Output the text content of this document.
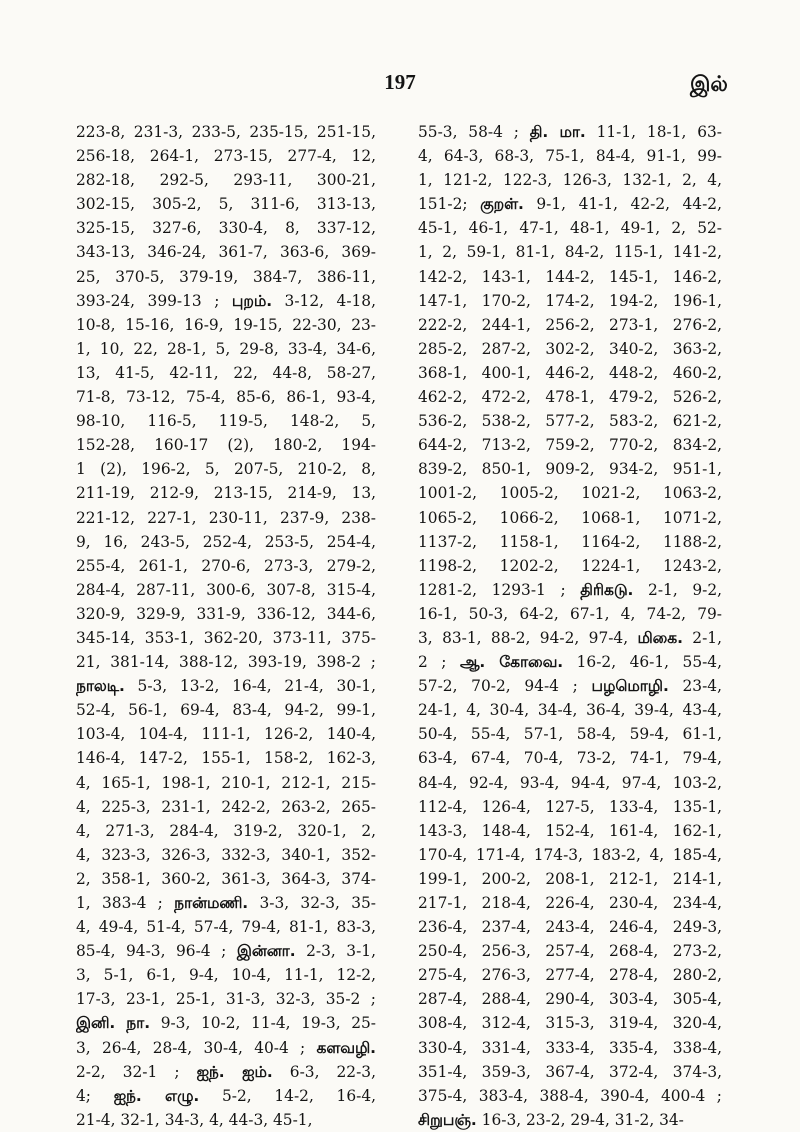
197	இல்
223-8, 231-3, 233-5, 235-15, 251-15,
256-18, 264-1, 273-15, 277-4, 12,
282-18, 292-5, 293-11, 300-21,
302-15, 305-2, 5, 311-6, 313-13,
325-15, 327-6, 330-4, 8, 337-12,
343-13, 346-24, 361-7, 363-6, 369-
25, 370-5, 379-19, 384-7, 386-11,
393-24, 399-13 ; புறம். 3-12, 4-18,
10-8, 15-16, 16-9, 19-15, 22-30, 23-
1, 10, 22, 28-1, 5, 29-8, 33-4, 34-6,
13, 41-5, 42-11, 22, 44-8, 58-27,
71-8, 73-12, 75-4, 85-6, 86-1, 93-4,
98-10, 116-5, 119-5, 148-2, 5,
152-28, 160-17 (2), 180-2, 194-
1 (2), 196-2, 5, 207-5, 210-2, 8,
211-19, 212-9, 213-15, 214-9, 13,
221-12, 227-1, 230-11, 237-9, 238-
9, 16, 243-5, 252-4, 253-5, 254-4,
255-4, 261-1, 270-6, 273-3, 279-2,
284-4, 287-11, 300-6, 307-8, 315-4,
320-9, 329-9, 331-9, 336-12, 344-6,
345-14, 353-1, 362-20, 373-11, 375-
21, 381-14, 388-12, 393-19, 398-2 ;
நாலடி. 5-3, 13-2, 16-4, 21-4, 30-1,
52-4, 56-1, 69-4, 83-4, 94-2, 99-1,
103-4, 104-4, 111-1, 126-2, 140-4,
146-4, 147-2, 155-1, 158-2, 162-3,
4, 165-1, 198-1, 210-1, 212-1, 215-
4, 225-3, 231-1, 242-2, 263-2, 265-
4, 271-3, 284-4, 319-2, 320-1, 2,
4, 323-3, 326-3, 332-3, 340-1, 352-
2, 358-1, 360-2, 361-3, 364-3, 374-
1, 383-4 ; நான்மணி. 3-3, 32-3, 35-
4, 49-4, 51-4, 57-4, 79-4, 81-1, 83-3,
85-4, 94-3, 96-4 ; இன்னா. 2-3, 3-1,
3, 5-1, 6-1, 9-4, 10-4, 11-1, 12-2,
17-3, 23-1, 25-1, 31-3, 32-3, 35-2 ;
இனி. நா. 9-3, 10-2, 11-4, 19-3, 25-
3, 26-4, 28-4, 30-4, 40-4 ; களவழி.
2-2, 32-1 ; ஐந். ஐம். 6-3, 22-3,
4; ஐந். எழு. 5-2, 14-2, 16-4,
21-4, 32-1, 34-3, 4, 44-3, 45-1,
55-3, 58-4 ; தி. மா. 11-1, 18-1, 63-
4, 64-3, 68-3, 75-1, 84-4, 91-1, 99-
1, 121-2, 122-3, 126-3, 132-1, 2, 4,
151-2; குறள். 9-1, 41-1, 42-2, 44-2,
45-1, 46-1, 47-1, 48-1, 49-1, 2, 52-
1, 2, 59-1, 81-1, 84-2, 115-1, 141-2,
142-2, 143-1, 144-2, 145-1, 146-2,
147-1, 170-2, 174-2, 194-2, 196-1,
222-2, 244-1, 256-2, 273-1, 276-2,
285-2, 287-2, 302-2, 340-2, 363-2,
368-1, 400-1, 446-2, 448-2, 460-2,
462-2, 472-2, 478-1, 479-2, 526-2,
536-2, 538-2, 577-2, 583-2, 621-2,
644-2, 713-2, 759-2, 770-2, 834-2,
839-2, 850-1, 909-2, 934-2, 951-1,
1001-2, 1005-2, 1021-2, 1063-2,
1065-2, 1066-2, 1068-1, 1071-2,
1137-2, 1158-1, 1164-2, 1188-2,
1198-2, 1202-2, 1224-1, 1243-2,
1281-2, 1293-1 ; திரிகடு. 2-1, 9-2,
16-1, 50-3, 64-2, 67-1, 4, 74-2, 79-
3, 83-1, 88-2, 94-2, 97-4, மிகை. 2-1,
2 ; ஆ. கோவை. 16-2, 46-1, 55-4,
57-2, 70-2, 94-4 ; பழமொழி. 23-4,
24-1, 4, 30-4, 34-4, 36-4, 39-4, 43-4,
50-4, 55-4, 57-1, 58-4, 59-4, 61-1,
63-4, 67-4, 70-4, 73-2, 74-1, 79-4,
84-4, 92-4, 93-4, 94-4, 97-4, 103-2,
112-4, 126-4, 127-5, 133-4, 135-1,
143-3, 148-4, 152-4, 161-4, 162-1,
170-4, 171-4, 174-3, 183-2, 4, 185-4,
199-1, 200-2, 208-1, 212-1, 214-1,
217-1, 218-4, 226-4, 230-4, 234-4,
236-4, 237-4, 243-4, 246-4, 249-3,
250-4, 256-3, 257-4, 268-4, 273-2,
275-4, 276-3, 277-4, 278-4, 280-2,
287-4, 288-4, 290-4, 303-4, 305-4,
308-4, 312-4, 315-3, 319-4, 320-4,
330-4, 331-4, 333-4, 335-4, 338-4,
351-4, 359-3, 367-4, 372-4, 374-3,
375-4, 383-4, 388-4, 390-4, 400-4 ;
சிறுபஞ். 16-3, 23-2, 29-4, 31-2, 34-
